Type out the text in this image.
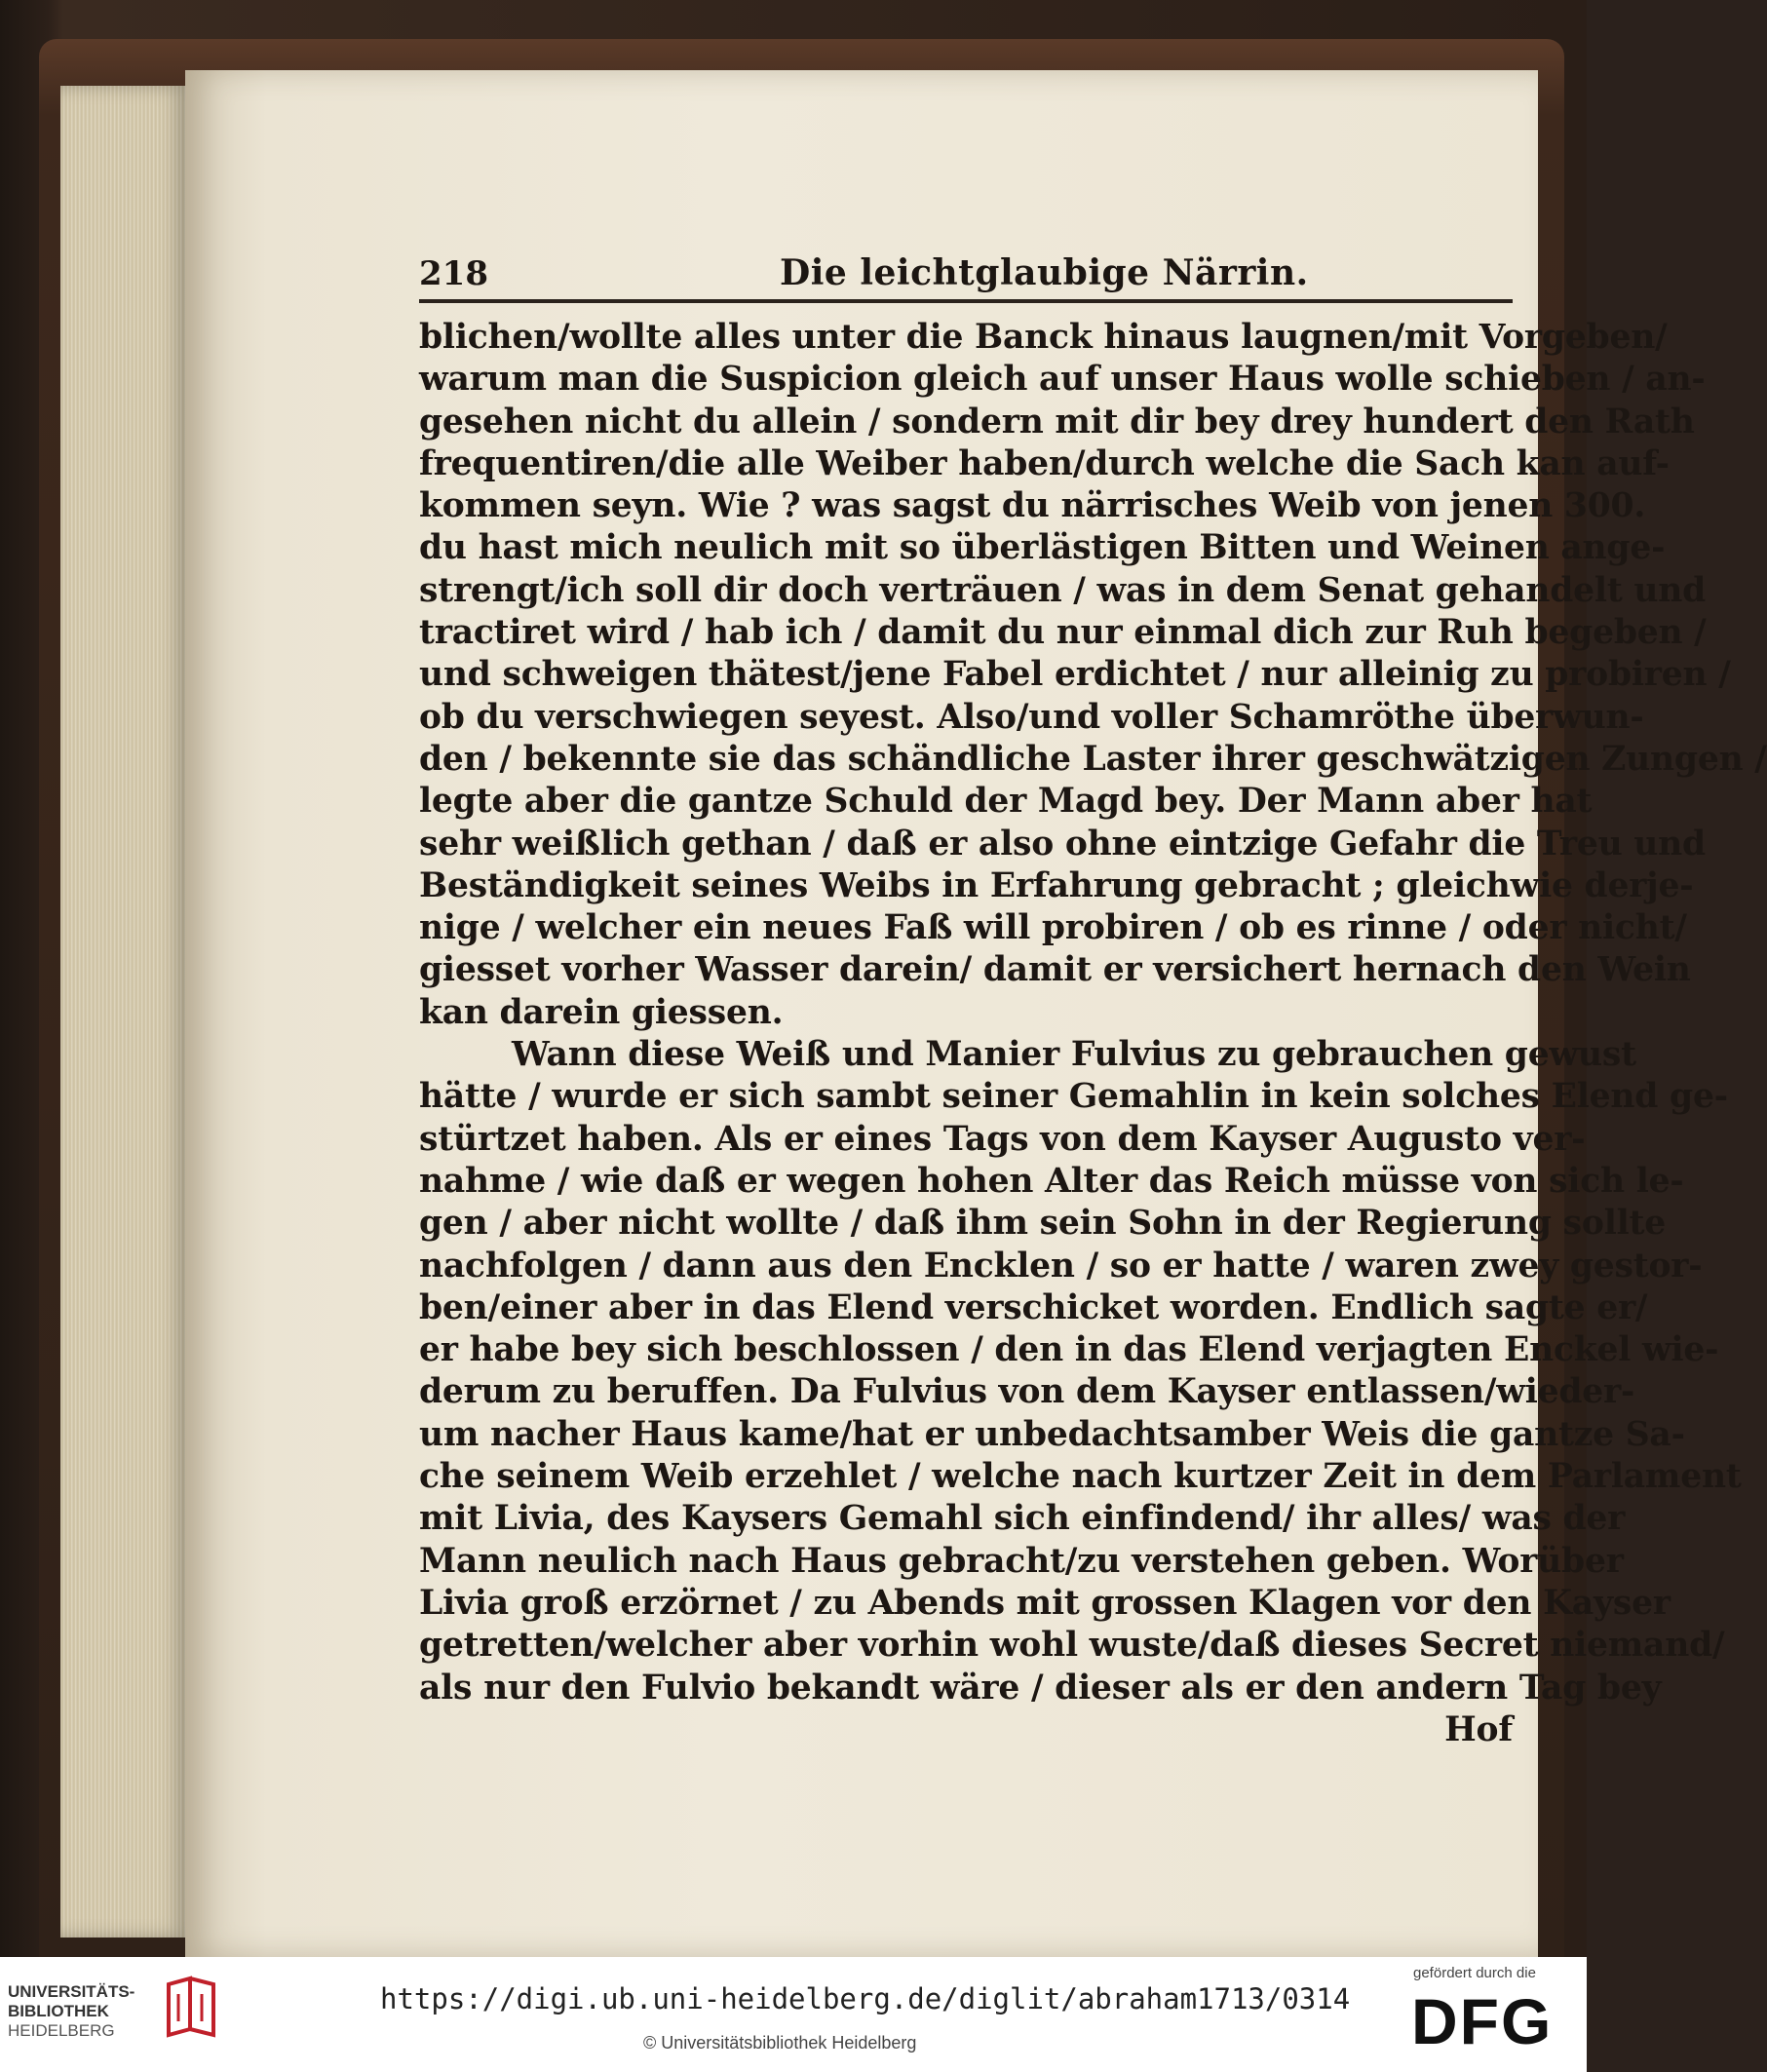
218	Die leichtglaubige Närrin.
blichen/wollte alles unter die Banck hinaus laugnen/mit Vorgeben/
warum man die Suspicion gleich auf unser Haus wolle schieben / an-
gesehen nicht du allein / sondern mit dir bey drey hundert den Rath
frequentiren/die alle Weiber haben/durch welche die Sach kan auf-
kommen seyn. Wie ? was sagst du närrisches Weib von jenen 300.
du hast mich neulich mit so überlästigen Bitten und Weinen ange-
strengt/ich soll dir doch verträuen / was in dem Senat gehandelt und
tractiret wird / hab ich / damit du nur einmal dich zur Ruh begeben /
und schweigen thätest/jene Fabel erdichtet / nur alleinig zu probiren /
ob du verschwiegen seyest. Also/und voller Schamröthe überwun-
den / bekennte sie das schändliche Laster ihrer geschwätzigen Zungen /
legte aber die gantze Schuld der Magd bey. Der Mann aber hat
sehr weißlich gethan / daß er also ohne eintzige Gefahr die Treu und
Beständigkeit seines Weibs in Erfahrung gebracht ; gleichwie derje-
nige / welcher ein neues Faß will probiren / ob es rinne / oder nicht/
giesset vorher Wasser darein/ damit er versichert hernach den Wein
kan darein giessen.
Wann diese Weiß und Manier Fulvius zu gebrauchen gewust
hätte / wurde er sich sambt seiner Gemahlin in kein solches Elend ge-
stürtzet haben. Als er eines Tags von dem Kayser Augusto ver-
nahme / wie daß er wegen hohen Alter das Reich müsse von sich le-
gen / aber nicht wollte / daß ihm sein Sohn in der Regierung sollte
nachfolgen / dann aus den Encklen / so er hatte / waren zwey gestor-
ben/einer aber in das Elend verschicket worden. Endlich sagte er/
er habe bey sich beschlossen / den in das Elend verjagten Enckel wie-
derum zu beruffen. Da Fulvius von dem Kayser entlassen/wieder-
um nacher Haus kame/hat er unbedachtsamber Weis die gantze Sa-
che seinem Weib erzehlet / welche nach kurtzer Zeit in dem Parlament
mit Livia, des Kaysers Gemahl sich einfindend/ ihr alles/ was der
Mann neulich nach Haus gebracht/zu verstehen geben. Worüber
Livia groß erzörnet / zu Abends mit grossen Klagen vor den Kayser
getretten/welcher aber vorhin wohl wuste/daß dieses Secret niemand/
als nur den Fulvio bekandt wäre / dieser als er den andern Tag bey
Hof
UNIVERSITÄTS-
BIBLIOTHEK
HEIDELBERG
https://digi.ub.uni-heidelberg.de/diglit/abraham1713/0314
© Universitätsbibliothek Heidelberg
gefördert durch die
DFG
